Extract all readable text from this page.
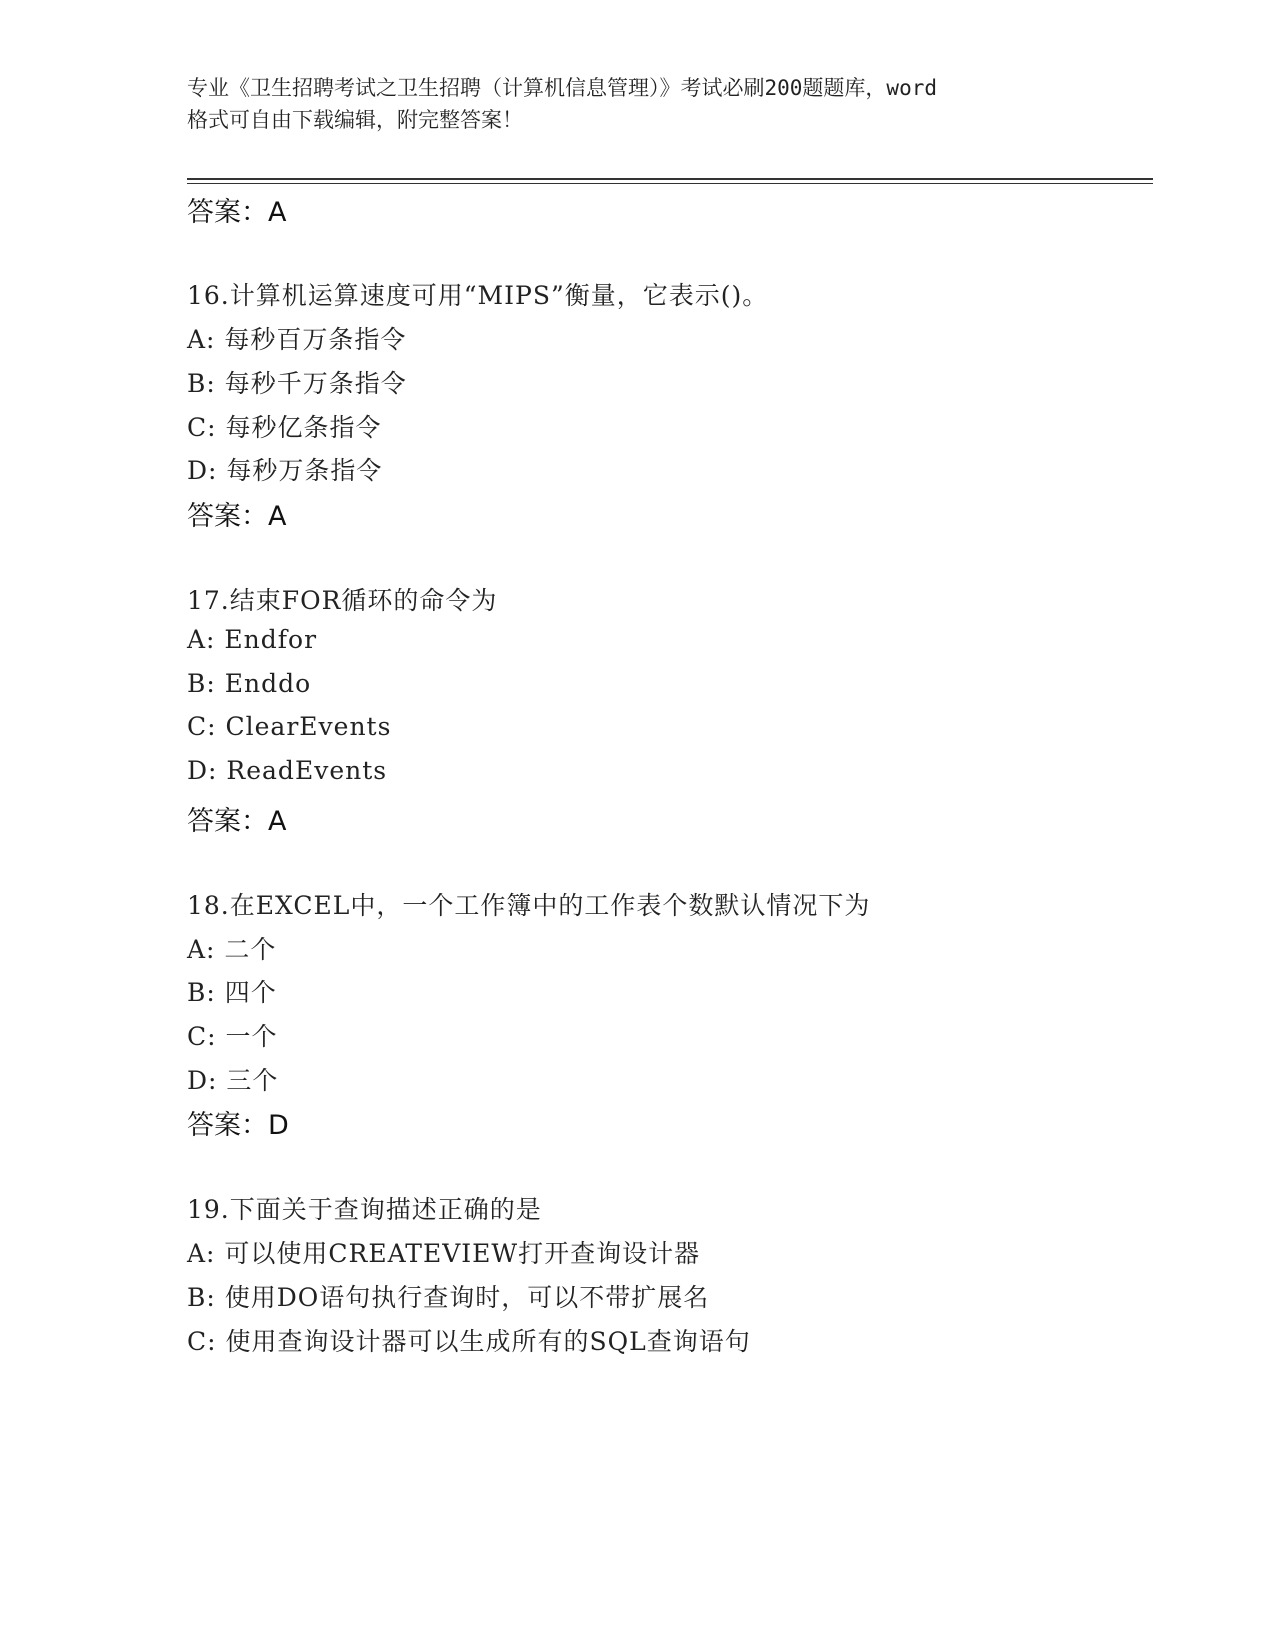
专业《卫生招聘考试之卫生招聘（计算机信息管理）》考试必刷200题题库，word
格式可自由下载编辑，附完整答案！
答案：A
16.计算机运算速度可用“MIPS”衡量，它表示()。
A: 每秒百万条指令
B: 每秒千万条指令
C: 每秒亿条指令
D: 每秒万条指令
答案：A
17.结束FOR循环的命令为
A: Endfor
B: Enddo
C: ClearEvents
D: ReadEvents
答案：A
18.在EXCEL中，一个工作簿中的工作表个数默认情况下为
A: 二个
B: 四个
C: 一个
D: 三个
答案：D
19.下面关于查询描述正确的是
A: 可以使用CREATEVIEW打开查询设计器
B: 使用DO语句执行查询时，可以不带扩展名
C: 使用查询设计器可以生成所有的SQL查询语句
